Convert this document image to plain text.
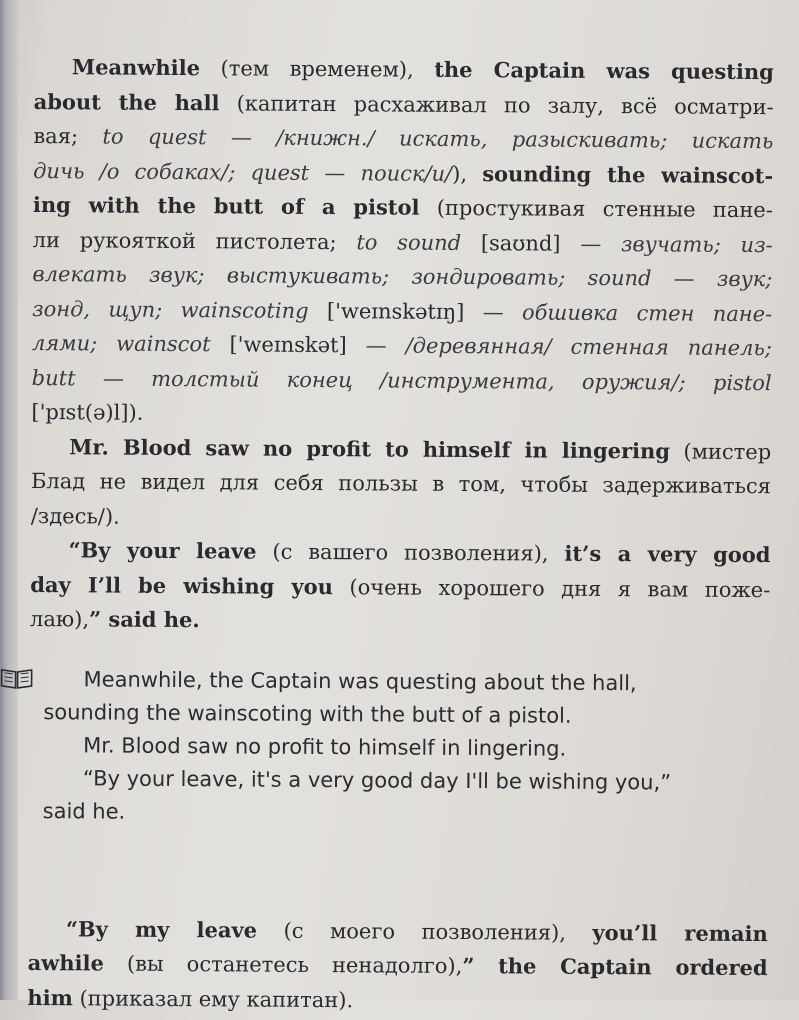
Meanwhile (тем временем), the Captain was questing
about the hall (капитан расхаживал по залу, всё осматри-
вая; to quest — /книжн./ искать, разыскивать; искать
дичь /о собаках/; quest — поиск/и/), sounding the wainscot-
ing with the butt of a pistol (простукивая стенные пане-
ли рукояткой пистолета; to sound [saʊnd] — звучать; из-
влекать звук; выстукивать; зондировать; sound — звук;
зонд, щуп; wainscoting ['weɪnskətɪŋ] — обшивка стен пане-
лями; wainscot ['weɪnskət] — /деревянная/ стенная панель;
butt — толстый конец /инструмента, оружия/; pistol
['pɪst(ə)l]).

Mr. Blood saw no profit to himself in lingering (мистер
Блад не видел для себя пользы в том, чтобы задерживаться
/здесь/).

“By your leave (с вашего позволения), it’s a very good
day I’ll be wishing you (очень хорошего дня я вам поже-
лаю),” said he.

Meanwhile, the Captain was questing about the hall,
sounding the wainscoting with the butt of a pistol.
Mr. Blood saw no profit to himself in lingering.
“By your leave, it's a very good day I'll be wishing you,”
said he.

“By my leave (с моего позволения), you’ll remain
awhile (вы останетесь ненадолго),” the Captain ordered
him (приказал ему капитан).
